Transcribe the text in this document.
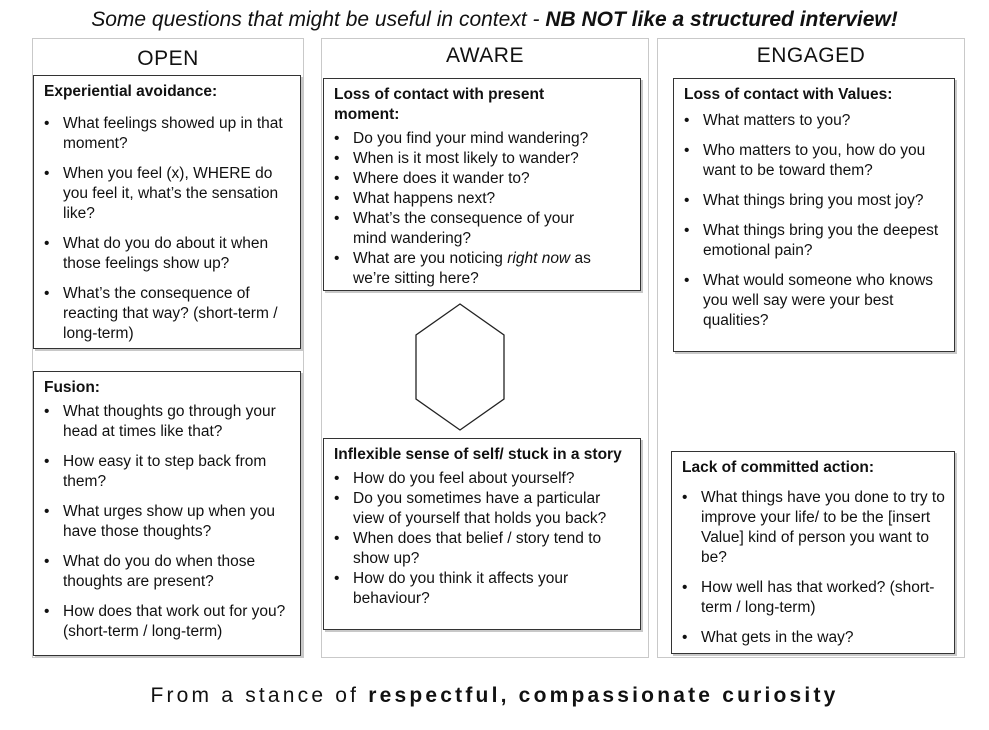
Some questions that might be useful in context - NB NOT like a structured interview!
OPEN	AWARE	ENGAGED
Experiential avoidance:
• What feelings showed up in that moment?
• When you feel (x), WHERE do you feel it, what’s the sensation like?
• What do you do about it when those feelings show up?
• What’s the consequence of reacting that way? (short-term / long-term)
Fusion:
• What thoughts go through your head at times like that?
• How easy it to step back from them?
• What urges show up when you have those thoughts?
• What do you do when those thoughts are present?
• How does that work out for you? (short-term / long-term)
Loss of contact with present moment:
• Do you find your mind wandering?
• When is it most likely to wander?
• Where does it wander to?
• What happens next?
• What’s the consequence of your mind wandering?
• What are you noticing right now as we’re sitting here?
Inflexible sense of self/ stuck in a story
• How do you feel about yourself?
• Do you sometimes have a particular view of yourself that holds you back?
• When does that belief / story tend to show up?
• How do you think it affects your behaviour?
Loss of contact with Values:
• What matters to you?
• Who matters to you, how do you want to be toward them?
• What things bring you most joy?
• What things bring you the deepest emotional pain?
• What would someone who knows you well say were your best qualities?
Lack of committed action:
• What things have you done to try to improve your life/ to be the [insert Value] kind of person you want to be?
• How well has that worked? (short-term / long-term)
• What gets in the way?
From a stance of respectful, compassionate curiosity
